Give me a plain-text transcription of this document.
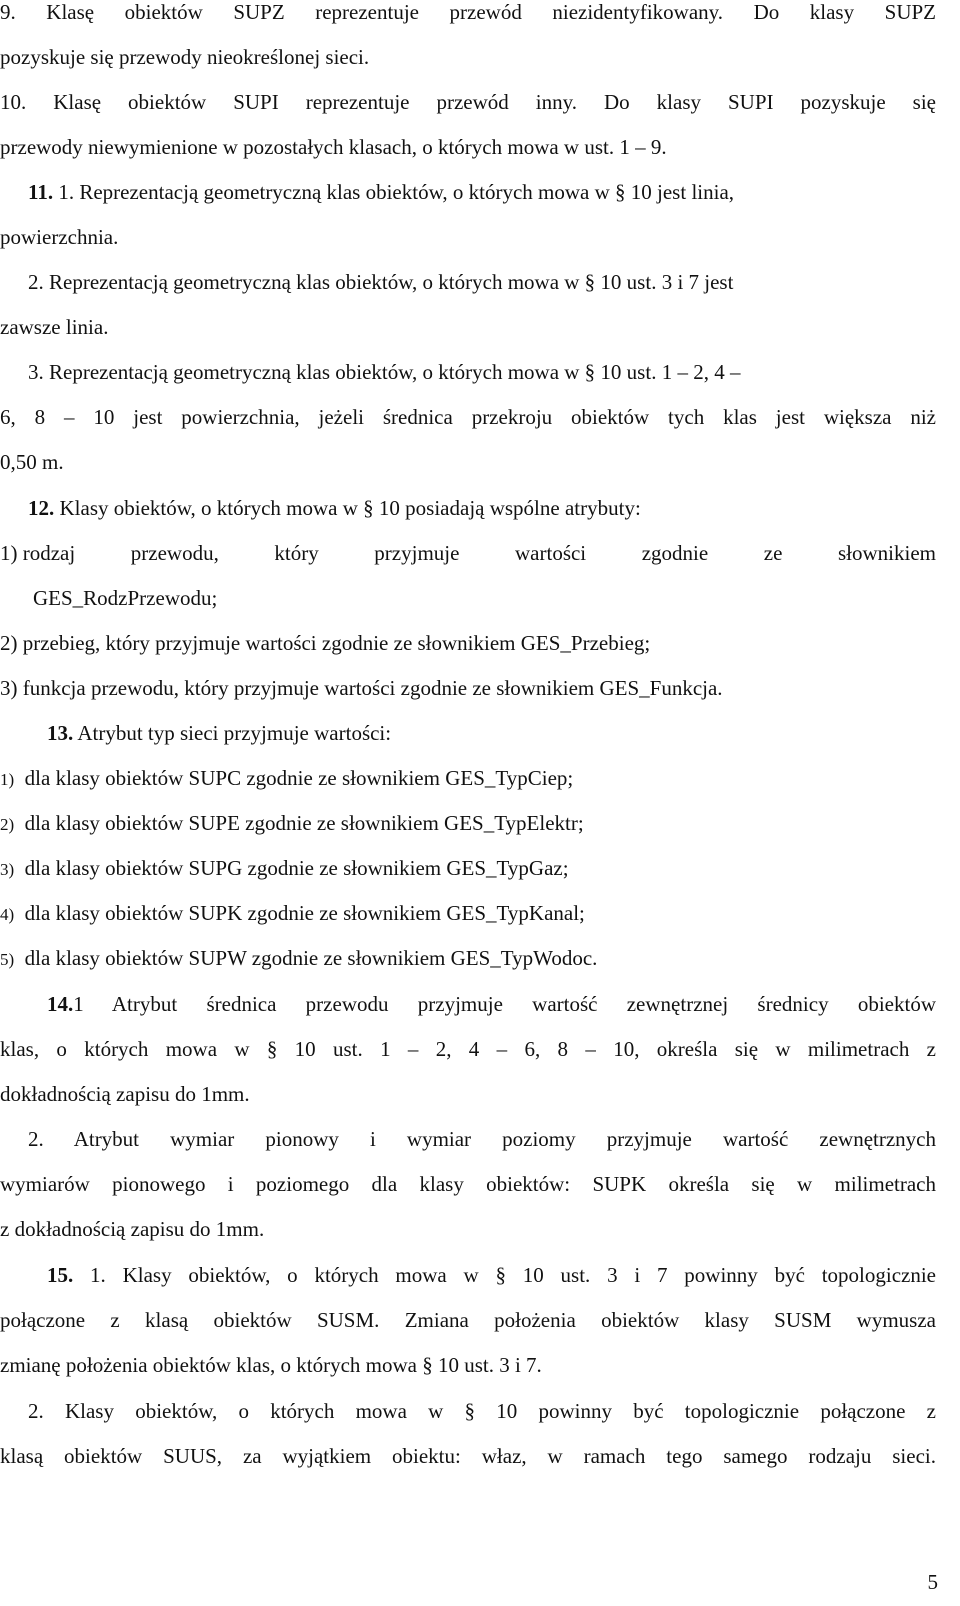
9. Klasę obiektów SUPZ reprezentuje przewód niezidentyfikowany. Do klasy SUPZ
pozyskuje się przewody nieokreślonej sieci.
10. Klasę obiektów SUPI reprezentuje przewód inny. Do klasy SUPI pozyskuje się
przewody niewymienione w pozostałych klasach, o których mowa w ust. 1 – 9.
11. 1. Reprezentacją geometryczną klas obiektów, o których mowa w § 10 jest linia,
powierzchnia.
2. Reprezentacją geometryczną klas obiektów, o których mowa w § 10 ust. 3 i 7 jest
zawsze linia.
3. Reprezentacją geometryczną klas obiektów, o których mowa w § 10 ust. 1 – 2, 4 –
6, 8 – 10 jest powierzchnia, jeżeli średnica przekroju obiektów tych klas jest większa niż
0,50 m.
12. Klasy obiektów, o których mowa w § 10 posiadają wspólne atrybuty:
1) rodzaj	przewodu,	który	przyjmuje	wartości	zgodnie	ze	słownikiem
GES_RodzPrzewodu;
2) przebieg, który przyjmuje wartości zgodnie ze słownikiem GES_Przebieg;
3) funkcja przewodu, który przyjmuje wartości zgodnie ze słownikiem GES_Funkcja.
13. Atrybut typ sieci przyjmuje wartości:
1) dla klasy obiektów SUPC zgodnie ze słownikiem GES_TypCiep;
2) dla klasy obiektów SUPE zgodnie ze słownikiem GES_TypElektr;
3) dla klasy obiektów SUPG zgodnie ze słownikiem GES_TypGaz;
4) dla klasy obiektów SUPK zgodnie ze słownikiem GES_TypKanal;
5) dla klasy obiektów SUPW zgodnie ze słownikiem GES_TypWodoc.
14.1 Atrybut średnica przewodu przyjmuje wartość zewnętrznej średnicy obiektów
klas, o których mowa w § 10 ust. 1 – 2, 4 – 6, 8 – 10, określa się w milimetrach z
dokładnością zapisu do 1mm.
2. Atrybut wymiar pionowy i wymiar poziomy przyjmuje wartość zewnętrznych
wymiarów pionowego i poziomego dla klasy obiektów: SUPK określa się w milimetrach
z dokładnością zapisu do 1mm.
15. 1. Klasy obiektów, o których mowa w § 10 ust. 3 i 7 powinny być topologicznie
połączone z klasą obiektów SUSM. Zmiana położenia obiektów klasy SUSM wymusza
zmianę położenia obiektów klas, o których mowa § 10 ust. 3 i 7.
2. Klasy obiektów, o których mowa w § 10 powinny być topologicznie połączone z
klasą obiektów SUUS, za wyjątkiem obiektu: właz, w ramach tego samego rodzaju sieci.
5
